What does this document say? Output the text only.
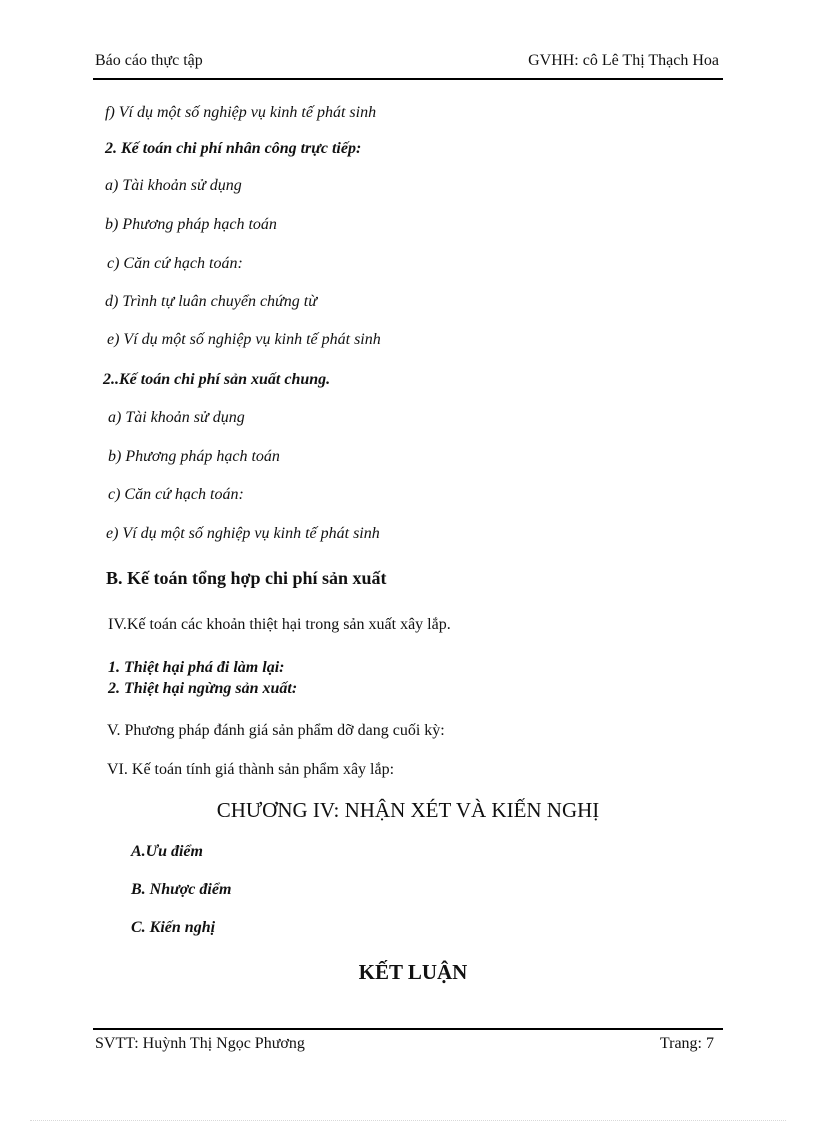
Báo cáo thực tập	GVHH: cô Lê Thị Thạch Hoa
f) Ví dụ một số nghiệp vụ kinh tế phát sinh
2. Kế toán chi phí nhân công trực tiếp:
a) Tài khoản sử dụng
b) Phương pháp hạch toán
c) Căn cứ hạch toán:
d) Trình tự luân chuyển chứng từ
e) Ví dụ một số nghiệp vụ kinh tế phát sinh
2..Kế toán chi phí sản xuất chung.
a) Tài khoản sử dụng
b) Phương pháp hạch toán
c) Căn cứ hạch toán:
e) Ví dụ một số nghiệp vụ kinh tế phát sinh
B. Kế toán tổng hợp chi phí sản xuất
IV.Kế toán các khoản thiệt hại trong sản xuất xây lắp.
1. Thiệt hại phá đi làm lại:
2. Thiệt hại ngừng sản xuất:
V. Phương pháp đánh giá sản phẩm dỡ dang cuối kỳ:
VI. Kế toán tính giá thành sản phẩm xây lắp:
CHƯƠNG IV: NHẬN XÉT VÀ KIẾN NGHỊ
A.Ưu điểm
B. Nhược điểm
C. Kiến nghị
KẾT LUẬN
SVTT: Huỳnh Thị Ngọc Phương	Trang: 7
